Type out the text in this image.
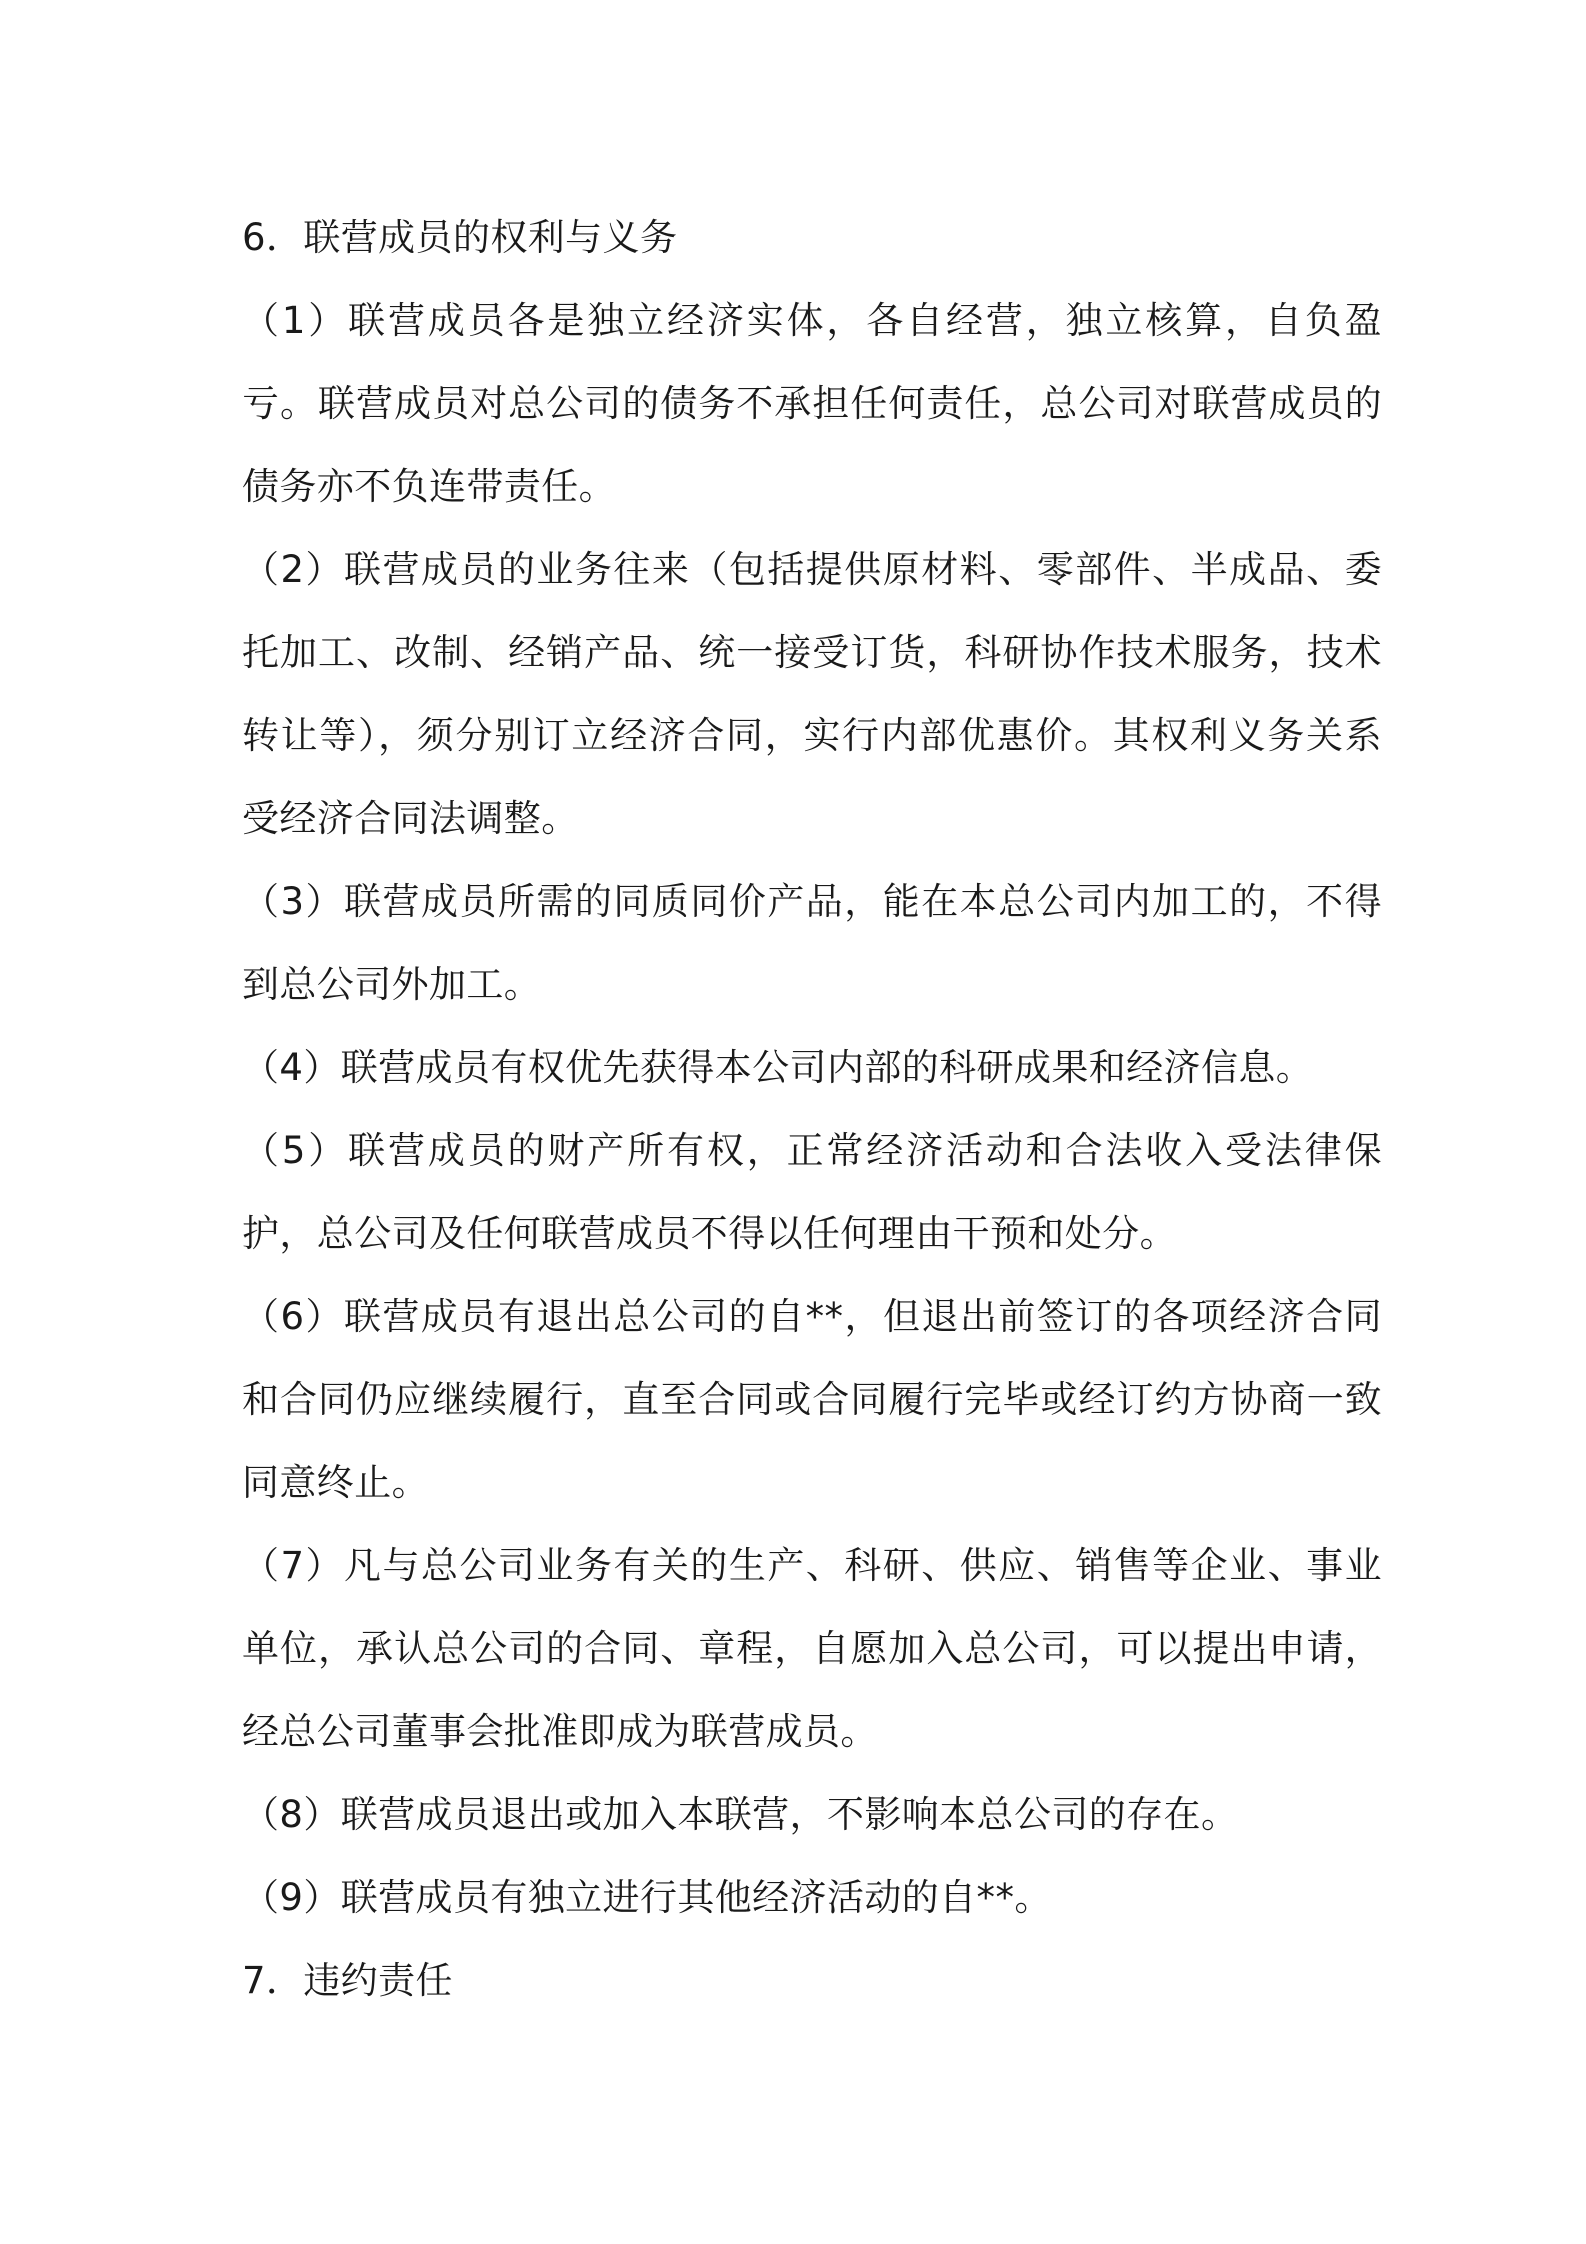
6．联营成员的权利与义务

（1）联营成员各是独立经济实体，各自经营，独立核算，自负盈亏。联营成员对总公司的债务不承担任何责任，总公司对联营成员的债务亦不负连带责任。

（2）联营成员的业务往来（包括提供原材料、零部件、半成品、委托加工、改制、经销产品、统一接受订货，科研协作技术服务，技术转让等），须分别订立经济合同，实行内部优惠价。其权利义务关系受经济合同法调整。

（3）联营成员所需的同质同价产品，能在本总公司内加工的，不得到总公司外加工。

（4）联营成员有权优先获得本公司内部的科研成果和经济信息。

（5）联营成员的财产所有权，正常经济活动和合法收入受法律保护，总公司及任何联营成员不得以任何理由干预和处分。

（6）联营成员有退出总公司的自**，但退出前签订的各项经济合同和合同仍应继续履行，直至合同或合同履行完毕或经订约方协商一致同意终止。

（7）凡与总公司业务有关的生产、科研、供应、销售等企业、事业单位，承认总公司的合同、章程，自愿加入总公司，可以提出申请，经总公司董事会批准即成为联营成员。

（8）联营成员退出或加入本联营，不影响本总公司的存在。

（9）联营成员有独立进行其他经济活动的自**。

7．违约责任
